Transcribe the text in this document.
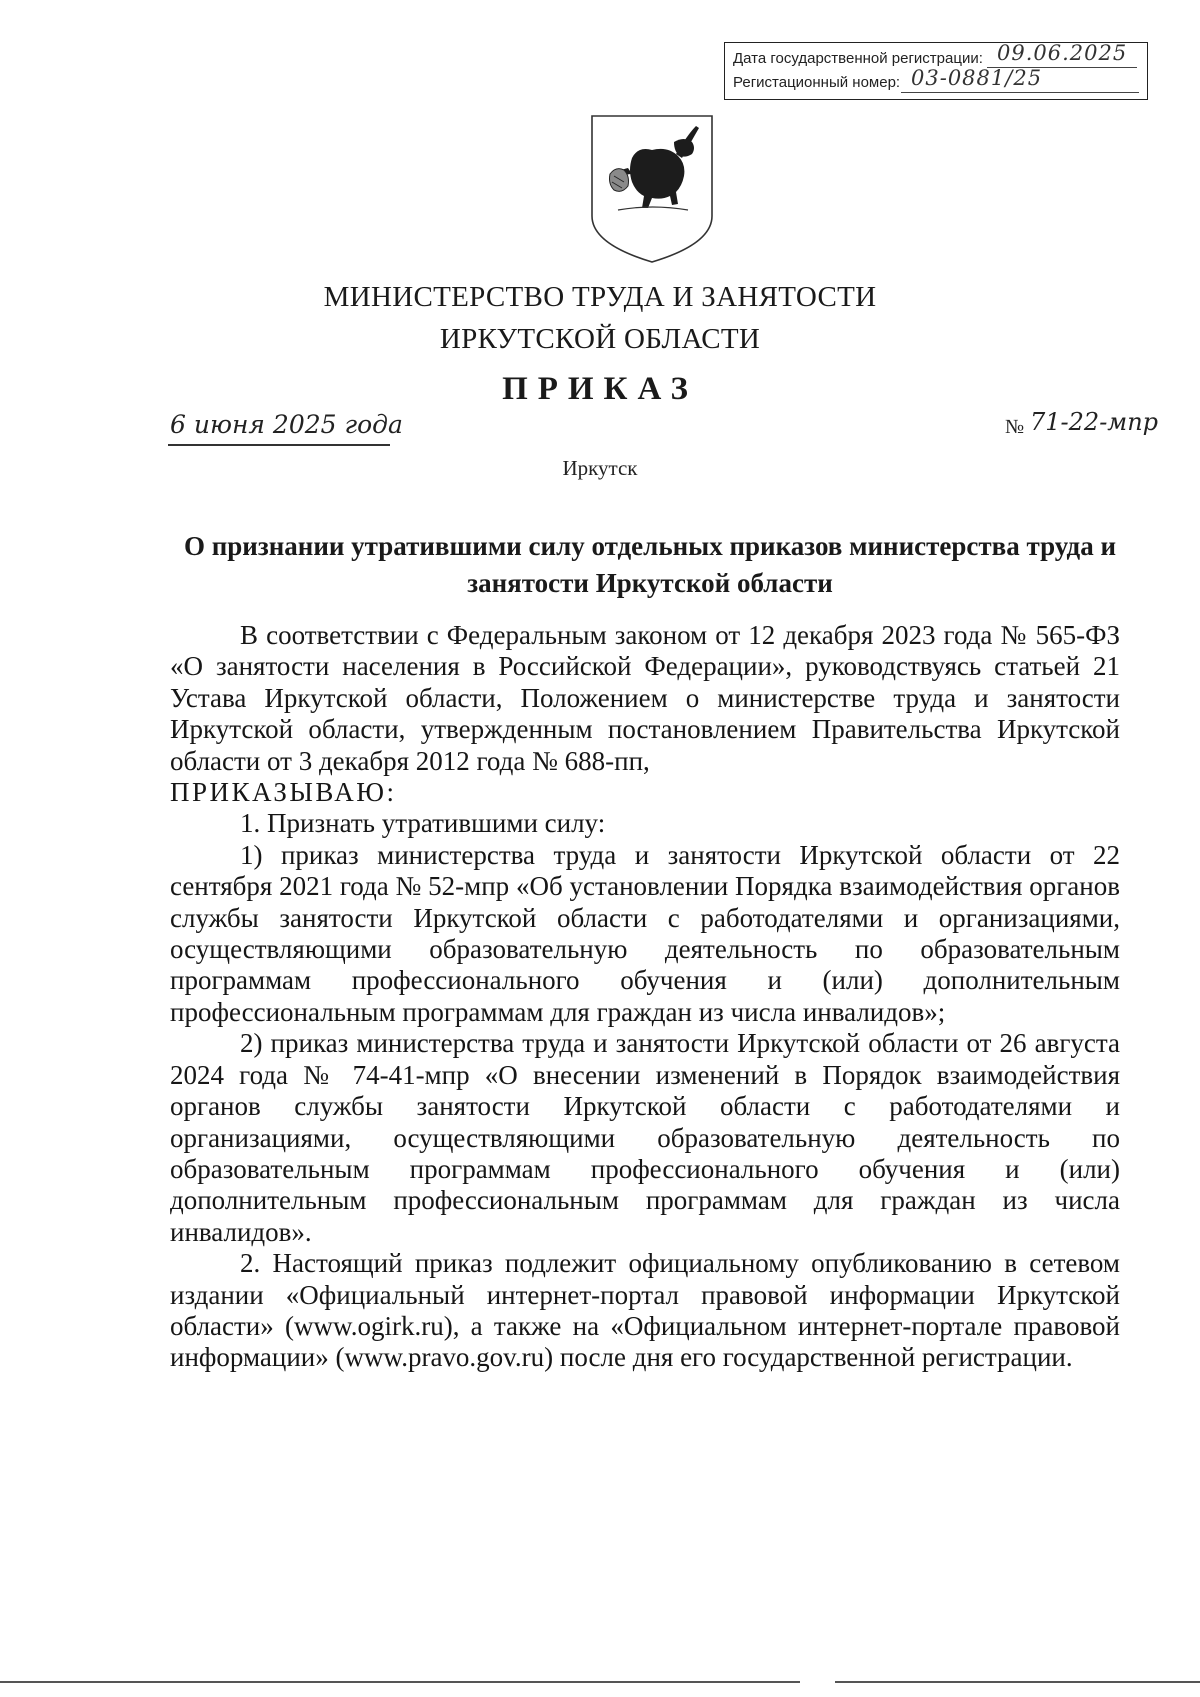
Дата государственной регистрации: 09.06.2025
Регистационный номер: 03-0881/25
МИНИСТЕРСТВО ТРУДА И ЗАНЯТОСТИ
ИРКУТСКОЙ ОБЛАСТИ
ПРИКАЗ
6 июня 2025 года	№ 71-22-мпр
Иркутск
О признании утратившими силу отдельных приказов министерства труда и занятости Иркутской области

В соответствии с Федеральным законом от 12 декабря 2023 года № 565-ФЗ «О занятости населения в Российской Федерации», руководствуясь статьей 21 Устава Иркутской области, Положением о министерстве труда и занятости Иркутской области, утвержденным постановлением Правительства Иркутской области от 3 декабря 2012 года № 688-пп,

ПРИКАЗЫВАЮ:

1. Признать утратившими силу:

1) приказ министерства труда и занятости Иркутской области от 22 сентября 2021 года № 52-мпр «Об установлении Порядка взаимодействия органов службы занятости Иркутской области с работодателями и организациями, осуществляющими образовательную деятельность по образовательным программам профессионального обучения и (или) дополнительным профессиональным программам для граждан из числа инвалидов»;

2) приказ министерства труда и занятости Иркутской области от 26 августа 2024 года № 74-41-мпр «О внесении изменений в Порядок взаимодействия органов службы занятости Иркутской области с работодателями и организациями, осуществляющими образовательную деятельность по образовательным программам профессионального обучения и (или) дополнительным профессиональным программам для граждан из числа инвалидов».

2. Настоящий приказ подлежит официальному опубликованию в сетевом издании «Официальный интернет-портал правовой информации Иркутской области» (www.ogirk.ru), а также на «Официальном интернет-портале правовой информации» (www.pravo.gov.ru) после дня его государственной регистрации.
